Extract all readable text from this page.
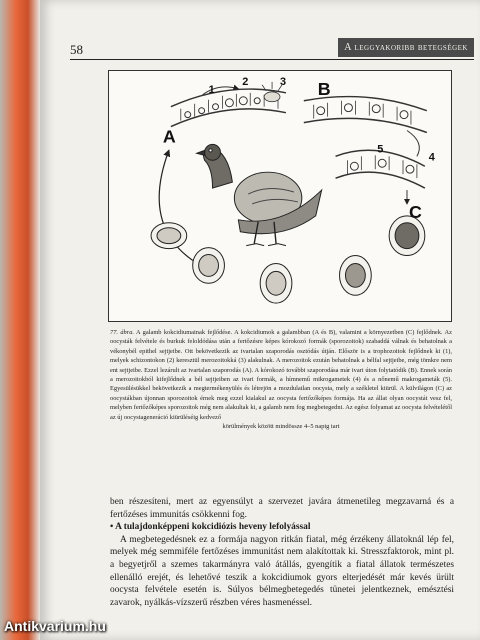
58	A leggyakoribb betegségek
A
B
C
1
2	3
4
5
77. ábra. A galamb kokcidiumainak fejlődése. A kokcidiumok a galambban (A és B), valamint a környezetben (C) fejlődnek. Az oocysták felvétele és burkuk feloldódása után a fertőzésre képes kórokozó formák (sporozoitok) szabaddá válnak és behatolnak a vékonybél epithel sejtjeibe. Ott bekövetkezik az ivartalan szaporodás osztódás útján. Először is a trophozoitok fejlődnek ki (1), melyek schizontokon (2) keresztül merozoitokká (3) alakulnak. A merozoitok ezután behatolnak a bélfal sejtjeibe, még tömkre nem ent sejtjeibe. Ezzel lezárult az ivartalan szaporodás (A). A kórokozó további szaporodása már ivari úton folytatódik (B). Ennek során a merozoitokból kifejlődnek a bél sejtjeiben az ivari formák, a hímnemű mikrogametek (4) és a nőnemű makrogameták (5). Egyesülésükkel bekövetkezik a megtermékenyülés és létrejön a mozdulatlan oocysta, mely a székletel kiürül. A külvilágon (C) az oocystákban újonnan sporozoitok érnek meg ezzel kialakul az oocysta fertőzőképes formája. Ha az állat olyan oocystát vesz fel, melyben fertőzőképes sporozoitok még nem alakultak ki, a galamb nem fog megbetegedni. Az egész folyamat az oocysta felvételétől az új oocystageneráció kiürüléséig kedvező
körülmények között mindössze 4–5 napig tart

ben részesíteni, mert az egyensúlyt a szervezet javára átmenetileg megzavarná és a fertőzéses immunitás csökkenni fog.

• A tulajdonképpeni kokcidiózis heveny lefolyással

A megbetegedésnek ez a formája nagyon ritkán fiatal, még érzékeny állatoknál lép fel, melyek még semmiféle fertőzéses immunitást nem alakítottak ki. Stresszfaktorok, mint pl. a begyetjről a szemes takarmányra való átállás, gyengítik a fiatal állatok természetes ellenálló erejét, és lehetővé teszik a kokcidiumok gyors elterjedését már kevés ürült oocysta felvétele esetén is. Súlyos bélmegbetegedés tünetei jelentkeznek, emésztési zavarok, nyálkás-vízszerű részben véres hasmenéssel.

Antikvarium.hu
